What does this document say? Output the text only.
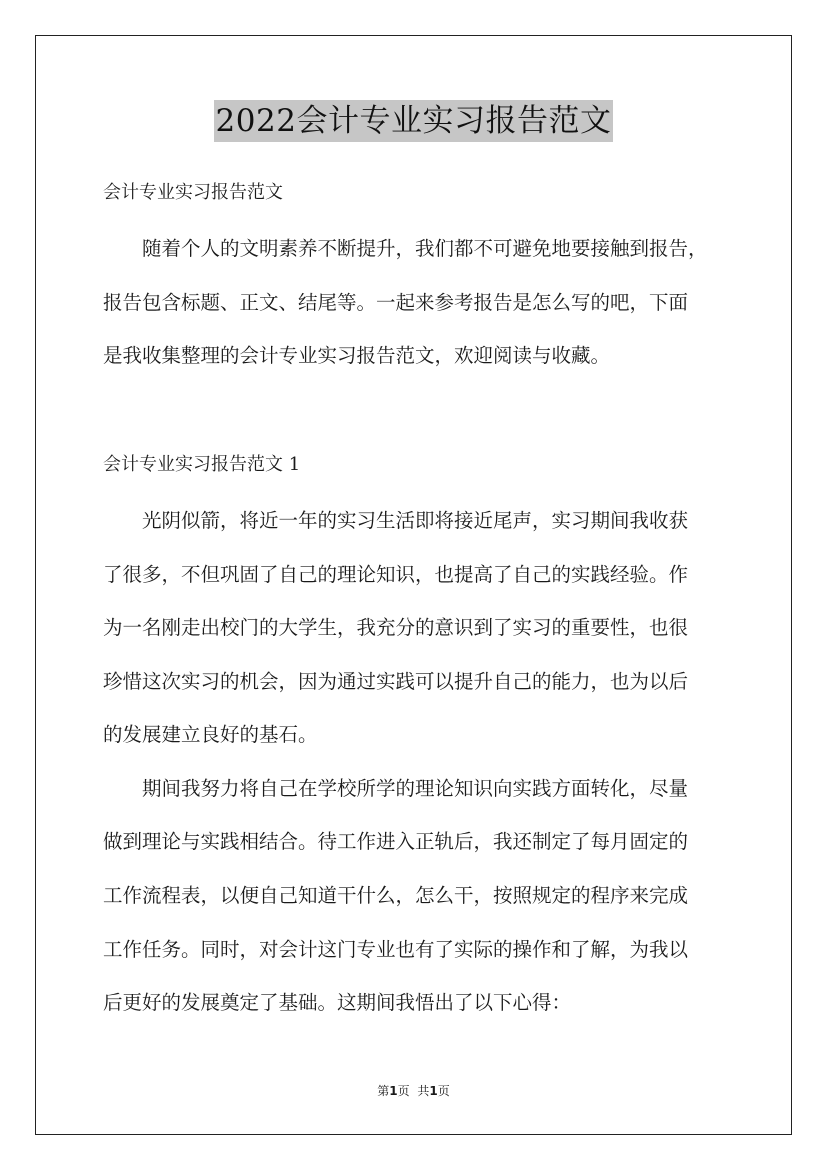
2022会计专业实习报告范文
会计专业实习报告范文
随着个人的文明素养不断提升，我们都不可避免地要接触到报告，
报告包含标题、正文、结尾等。一起来参考报告是怎么写的吧，下面
是我收集整理的会计专业实习报告范文，欢迎阅读与收藏。
会计专业实习报告范文 1
光阴似箭，将近一年的实习生活即将接近尾声，实习期间我收获
了很多，不但巩固了自己的理论知识，也提高了自己的实践经验。作
为一名刚走出校门的大学生，我充分的意识到了实习的重要性，也很
珍惜这次实习的机会，因为通过实践可以提升自己的能力，也为以后
的发展建立良好的基石。
期间我努力将自己在学校所学的理论知识向实践方面转化，尽量
做到理论与实践相结合。待工作进入正轨后，我还制定了每月固定的
工作流程表，以便自己知道干什么，怎么干，按照规定的程序来完成
工作任务。同时，对会计这门专业也有了实际的操作和了解，为我以
后更好的发展奠定了基础。这期间我悟出了以下心得：
第1页 共1页
